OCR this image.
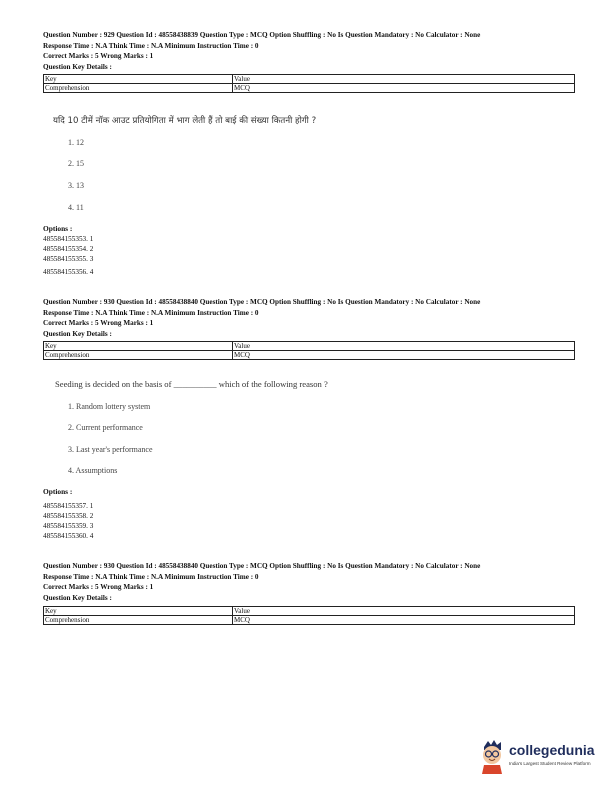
Question Number : 929 Question Id : 48558438839 Question Type : MCQ Option Shuffling : No Is Question Mandatory : No Calculator : None
Response Time : N.A Think Time : N.A Minimum Instruction Time : 0
Correct Marks : 5 Wrong Marks : 1
Question Key Details :
Key	Value
Comprehension	MCQ
यदि 10 टीमें नॉक आउट प्रतियोगिता में भाग लेती हैं तो बाई की संख्या कितनी होगी ?
1. 12
2. 15
3. 13
4. 11
Options :
485584155353. 1
485584155354. 2
485584155355. 3
485584155356. 4
Question Number : 930 Question Id : 48558438840 Question Type : MCQ Option Shuffling : No Is Question Mandatory : No Calculator : None
Response Time : N.A Think Time : N.A Minimum Instruction Time : 0
Correct Marks : 5 Wrong Marks : 1
Question Key Details :
Key	Value
Comprehension	MCQ
Seeding is decided on the basis of __________ which of the following reason ?
1. Random lottery system
2. Current performance
3. Last year's performance
4. Assumptions
Options :
485584155357. 1
485584155358. 2
485584155359. 3
485584155360. 4
Question Number : 930 Question Id : 48558438840 Question Type : MCQ Option Shuffling : No Is Question Mandatory : No Calculator : None
Response Time : N.A Think Time : N.A Minimum Instruction Time : 0
Correct Marks : 5 Wrong Marks : 1
Question Key Details :
Key	Value
Comprehension	MCQ
collegedunia
India's Largest Student Review Platform
